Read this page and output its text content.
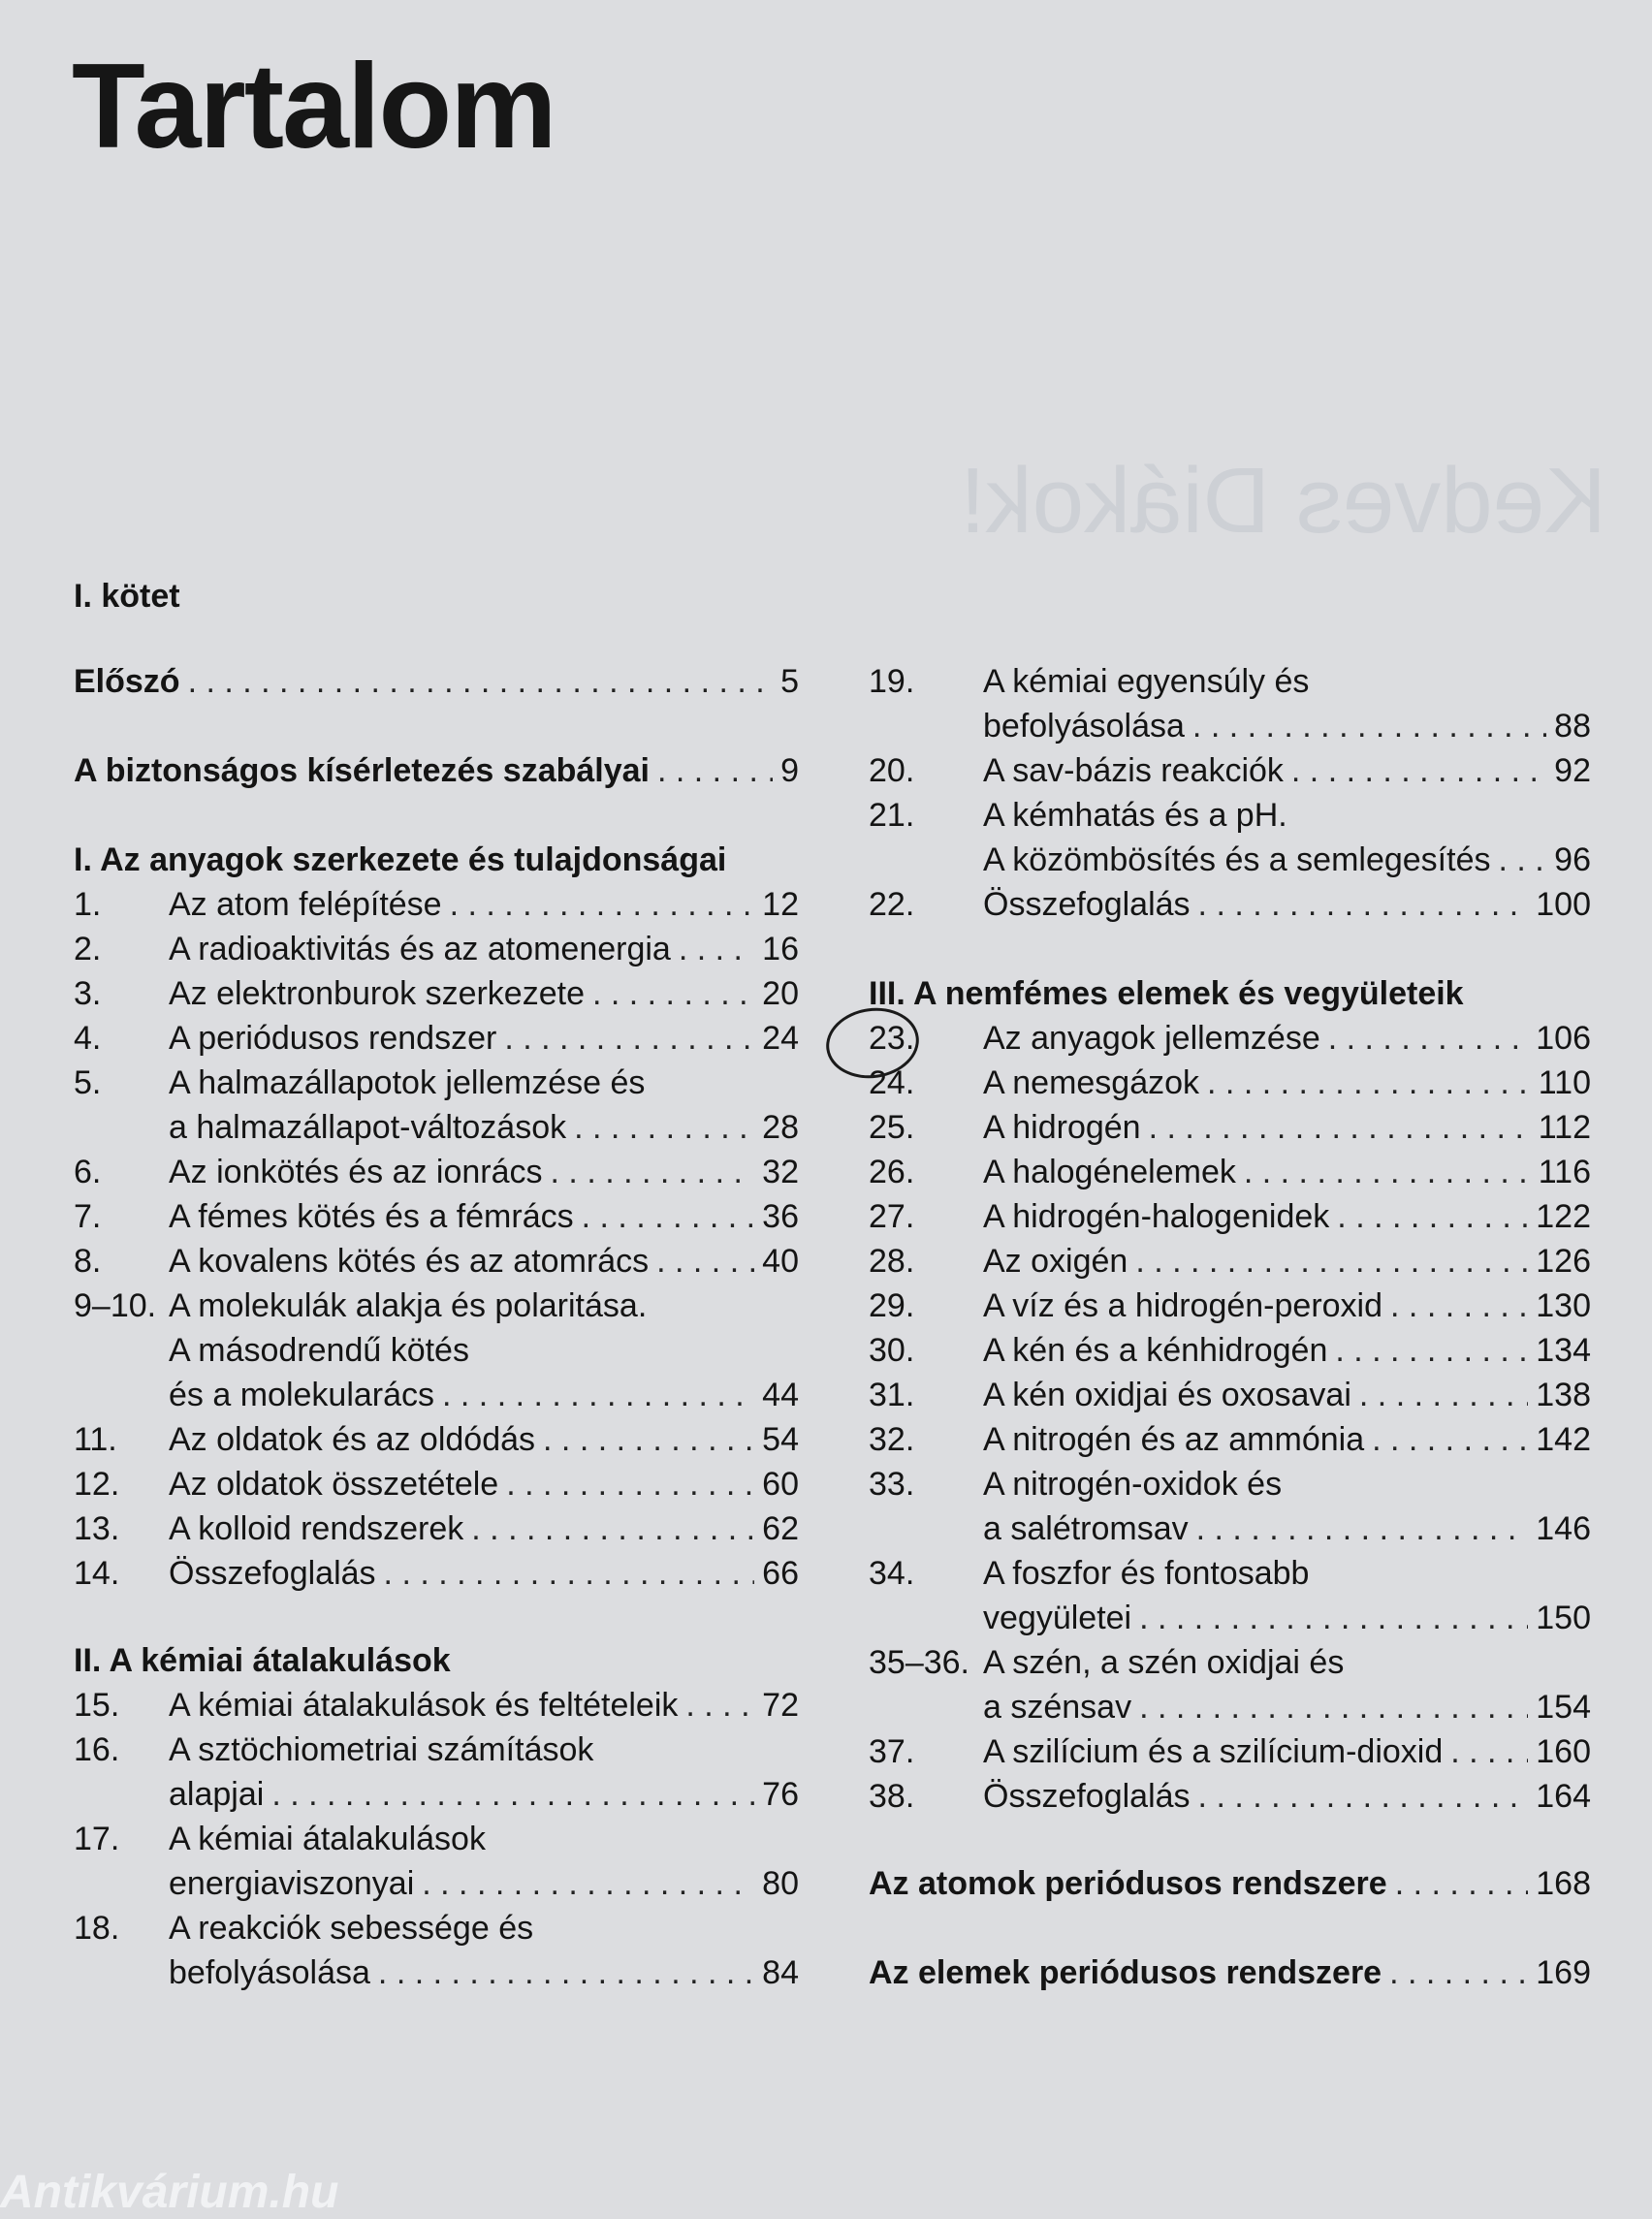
Kedves Diákok!
Tartalom
I. kötet
Előszó . . .	5
A biztonságos kísérletezés szabályai . . .	9
I. Az anyagok szerkezete és tulajdonságai
II. A kémiai átalakulások
III. A nemfémes elemek és vegyületeik
1. Az atom felépítése . . .	12
2. A radioaktivitás és az atomenergia . . .	16
3. Az elektronburok szerkezete . . .	20
4. A periódusos rendszer . . .	24
5. A halmazállapotok jellemzése és
a halmazállapot-változások . . .	28
6. Az ionkötés és az ionrács . . .	32
7. A fémes kötés és a fémrács . . .	36
8. A kovalens kötés és az atomrács . . .	40
9–10. A molekulák alakja és polaritása.
A másodrendű kötés
és a molekularács . . .	44
11. Az oldatok és az oldódás . . .	54
12. Az oldatok összetétele . . .	60
13. A kolloid rendszerek . . .	62
14. Összefoglalás . . .	66
15. A kémiai átalakulások és feltételeik . . .	72
16. A sztöchiometriai számítások
alapjai . . .	76
17. A kémiai átalakulások
energiaviszonyai . . .	80
18. A reakciók sebessége és
befolyásolása . . .	84
19. A kémiai egyensúly és
befolyásolása . . .	88
20. A sav-bázis reakciók . . .	92
21. A kémhatás és a pH.
A közömbösítés és a semlegesítés . . . 96
22. Összefoglalás . . .	100
23. Az anyagok jellemzése . . .	106
24. A nemesgázok . . .	110
25. A hidrogén . . .	112
26. A halogénelemek . . .	116
27. A hidrogén-halogenidek . . .	122
28. Az oxigén . . .	126
29. A víz és a hidrogén-peroxid . . .	130
30. A kén és a kénhidrogén . . .	134
31. A kén oxidjai és oxosavai . . .	138
32. A nitrogén és az ammónia . . .	142
33. A nitrogén-oxidok és
a salétromsav . . .	146
34. A foszfor és fontosabb
vegyületei . . .	150
35–36. A szén, a szén oxidjai és
a szénsav . . .	154
37. A szilícium és a szilícium-dioxid . . .	160
38. Összefoglalás . . .	164
Az atomok periódusos rendszere . . .	168
Az elemek periódusos rendszere . . .	169
Antikvárium.hu
